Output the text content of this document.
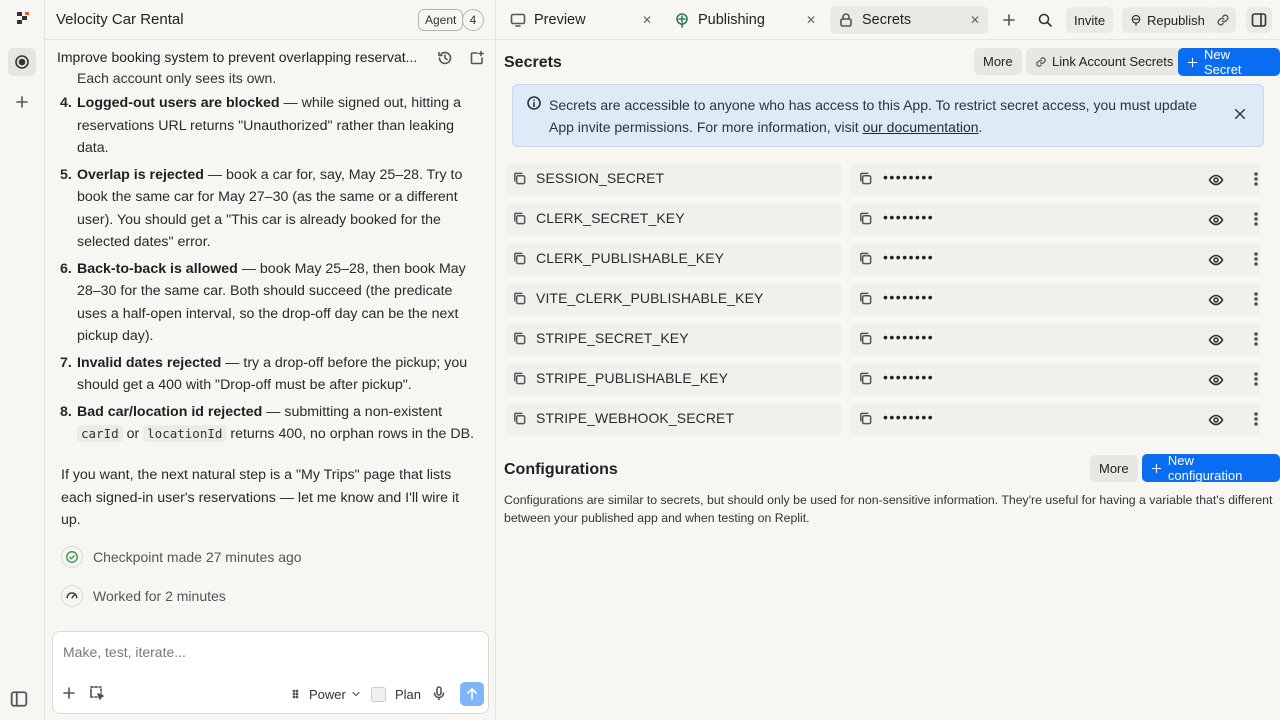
Velocity Car Rental	Agent	4
Improve booking system to prevent overlapping reservat...
Each account only sees its own.
4. Logged-out users are blocked — while signed out, hitting a reservations URL returns "Unauthorized" rather than leaking data.
5. Overlap is rejected — book a car for, say, May 25–28. Try to book the same car for May 27–30 (as the same or a different user). You should get a "This car is already booked for the selected dates" error.
6. Back-to-back is allowed — book May 25–28, then book May 28–30 for the same car. Both should succeed (the predicate uses a half-open interval, so the drop-off day can be the next pickup day).
7. Invalid dates rejected — try a drop-off before the pickup; you should get a 400 with "Drop-off must be after pickup".
8. Bad car/location id rejected — submitting a non-existent carId or locationId returns 400, no orphan rows in the DB.
If you want, the next natural step is a "My Trips" page that lists each signed-in user's reservations — let me know and I'll wire it up.
Checkpoint made 27 minutes ago
Worked for 2 minutes
Make, test, iterate...
Power	Plan
Preview	✕	Publishing	✕	Secrets	✕	Invite	Republish
Secrets	More	Link Account Secrets New Secret
Secrets are accessible to anyone who has access to this App. To restrict secret access, you must update App invite permissions. For more information, visit our documentation.
SESSION_SECRET	••••••••
CLERK_SECRET_KEY	••••••••
CLERK_PUBLISHABLE_KEY	••••••••
VITE_CLERK_PUBLISHABLE_KEY	••••••••
STRIPE_SECRET_KEY	••••••••
STRIPE_PUBLISHABLE_KEY	••••••••
STRIPE_WEBHOOK_SECRET	••••••••
Configurations	More
New configuration
Configurations are similar to secrets, but should only be used for non-sensitive information. They're useful for having a variable that's different between your published app and when testing on Replit.
